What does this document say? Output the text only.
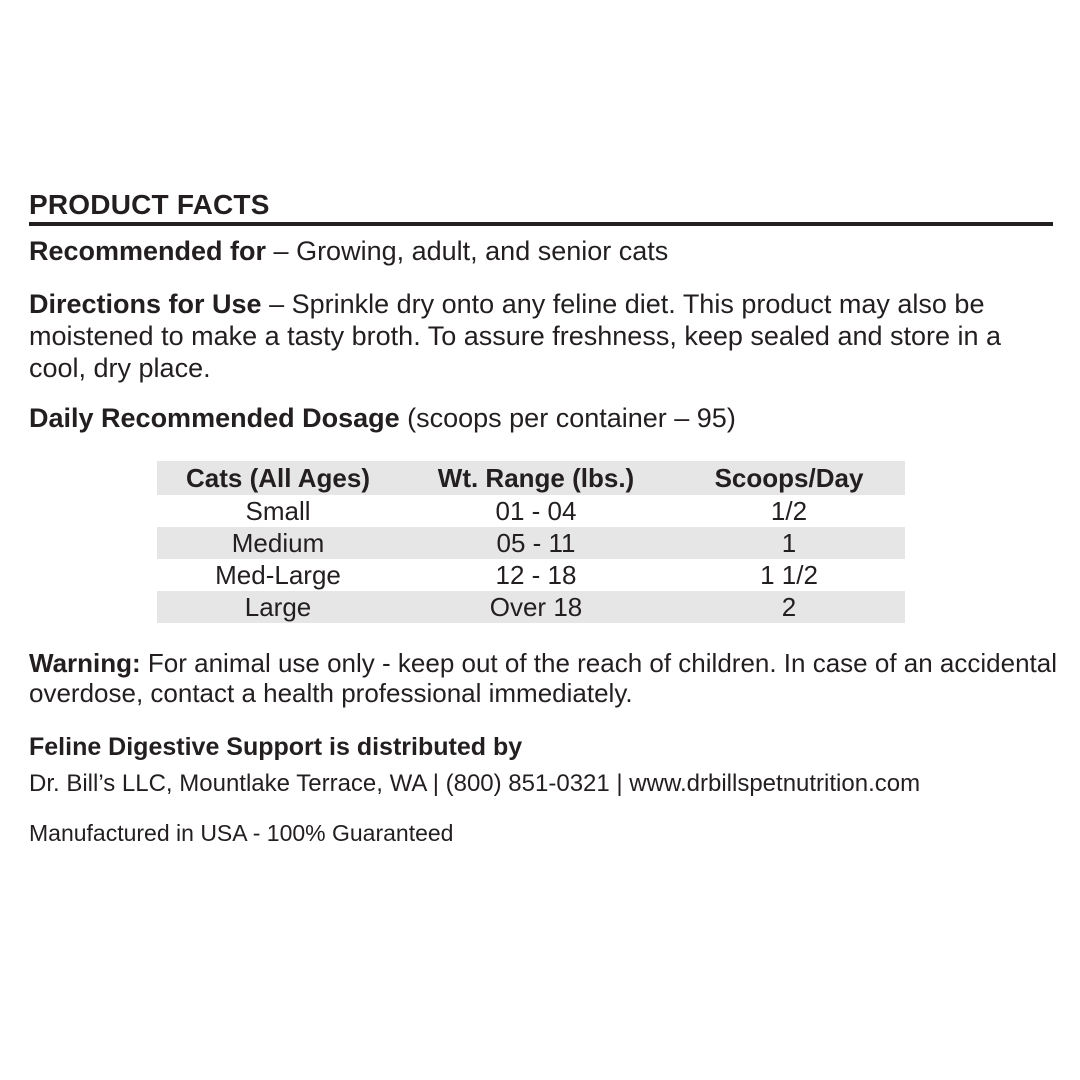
PRODUCT FACTS

Recommended for – Growing, adult, and senior cats

Directions for Use – Sprinkle dry onto any feline diet. This product may also be moistened to make a tasty broth. To assure freshness, keep sealed and store in a cool, dry place.

Daily Recommended Dosage (scoops per container – 95)

Cats (All Ages)	Wt. Range (lbs.)	Scoops/Day
Small	01 - 04	1/2
Medium	05 - 11	1
Med-Large	12 - 18	1 1/2
Large	Over 18	2

Warning: For animal use only - keep out of the reach of children. In case of an accidental overdose, contact a health professional immediately.

Feline Digestive Support is distributed by
Dr. Bill’s LLC, Mountlake Terrace, WA | (800) 851-0321 | www.drbillspetnutrition.com
Manufactured in USA - 100% Guaranteed
